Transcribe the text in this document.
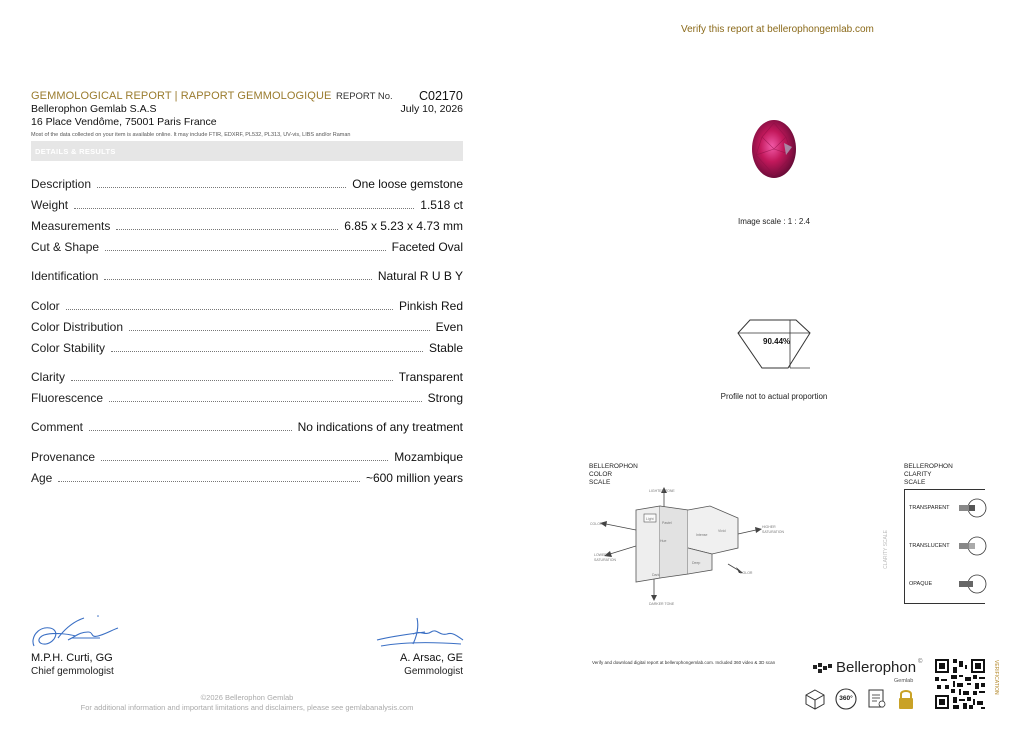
GEMMOLOGICAL REPORT | RAPPORT GEMMOLOGIQUE REPORT No. C02170
Bellerophon Gemlab S.A.S	July 10, 2026
16 Place Vendôme, 75001 Paris France
Most of the data collected on your item is available online. It may include FTIR, EDXRF, PL532, PL313, UV-vis, LIBS and/or Raman
DETAILS & RESULTS
Description	One loose gemstone
Weight	1.518 ct
Measurements	6.85 x 5.23 x 4.73 mm
Cut & Shape	Faceted Oval
Identification	Natural R U B Y
Color	Pinkish Red
Color Distribution	Even
Color Stability	Stable
Clarity	Transparent
Fluorescence	Strong
Comment	No indications of any treatment
Provenance	Mozambique
Age	~600 million years
M.P.H. Curti, GG
Chief gemmologist
A. Arsac, GE
Gemmologist
©2026 Bellerophon Gemlab
For additional information and important limitations and disclaimers, please see gemlabanalysis.com
Verify this report at bellerophongemlab.com
Image scale : 1 : 2.4
90.44%
Profile not to actual proportion
BELLEROPHON
COLOR
SCALE
LIGHTER TONE
DARKER TONE
COLOR
HIGHER
SATURATION
LOWER
SATURATION
COLOR
Light
Pastel
Hue
Intense
Vivid
Deep
Dark
BELLEROPHON
CLARITY
SCALE
CLARITY SCALE
TRANSPARENT
TRANSLUCENT
OPAQUE
Verify and download digital report at bellerophongemlab.com. Included 360 video & 3D scan	Bellerophon ©
Gemlab
360°
VERIFICATION
